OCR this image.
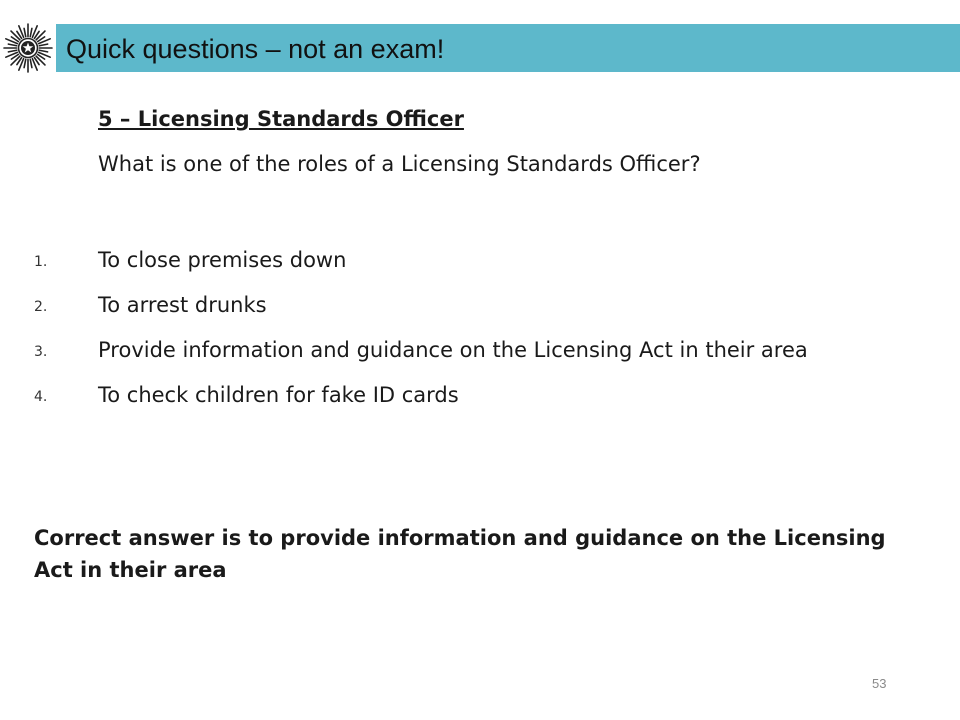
Quick questions – not an exam!
5 – Licensing Standards Officer
What is one of the roles of a Licensing Standards Officer?
1. To close premises down
2. To arrest drunks
3. Provide information and guidance on the Licensing Act in their area
4. To check children for fake ID cards
Correct answer is to provide information and guidance on the Licensing Act in their area
53
